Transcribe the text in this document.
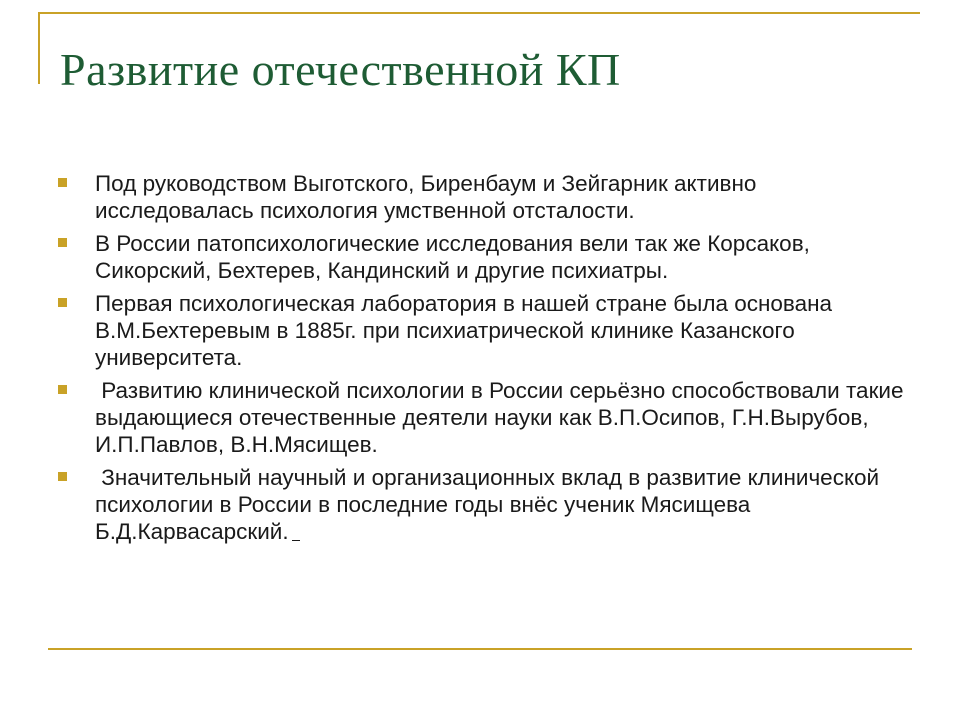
Развитие отечественной КП
Под руководством Выготского, Биренбаум и Зейгарник активно исследовалась психология умственной отсталости.
В России патопсихологические исследования вели так же Корсаков, Сикорский, Бехтерев, Кандинский и другие психиатры.
Первая психологическая лаборатория в нашей стране была основана В.М.Бехтеревым в 1885г. при психиатрической клинике Казанского университета.
Развитию клинической психологии в России серьёзно способствовали такие выдающиеся отечественные деятели науки как В.П.Осипов, Г.Н.Вырубов, И.П.Павлов, В.Н.Мясищев.
Значительный научный и организационных вклад в развитие клинической психологии в России в последние годы внёс ученик Мясищева Б.Д.Карвасарский.
